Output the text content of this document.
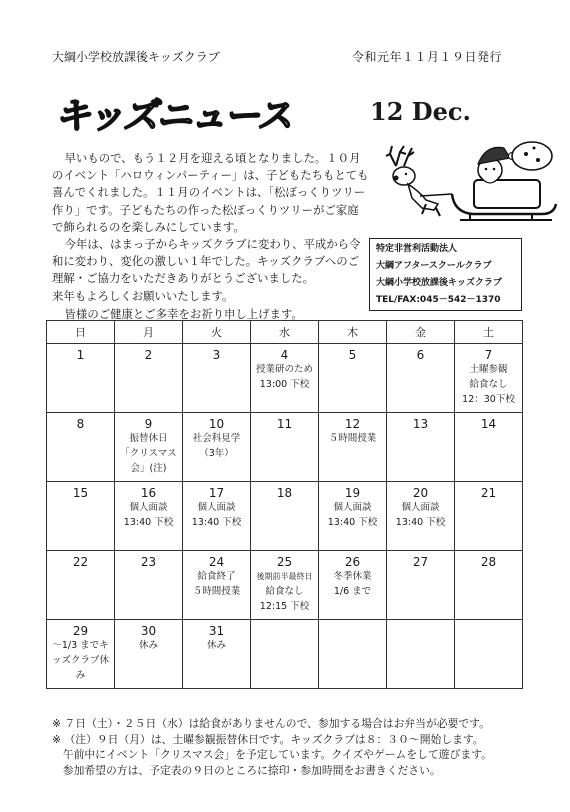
大綱小学校放課後キッズクラブ	令和元年１１月１９日発行
キッズニュース	12 Dec.

早いもので、もう１２月を迎える頃となりました。１０月のイベント「ハロウィンパーティー」は、子どもたちもとても喜んでくれました。１１月のイベントは、「松ぼっくりツリー作り」です。子どもたちの作った松ぼっくりツリーがご家庭で飾られるのを楽しみにしています。

今年は、はまっ子からキッズクラブに変わり、平成から令和に変わり、変化の激しい１年でした。キッズクラブへのご理解・ご協力をいただきありがとうございました。

来年もよろしくお願いいたします。

特定非営利活動法人
大綱アフタースクールクラブ
大綱小学校放課後キッズクラブ
TEL/FAX:045－542－1370
皆様のご健康とご多幸をお祈り申し上げます。
日	月	火	水	木	金	土

1	2	3	4
授業研のため
13:00 下校	5	6	7
土曜参観
給食なし
12：30下校

8	9
振替休日
「クリスマス
会」(注)	10
社会科見学
（3年）	11	12
５時間授業	13	14

15	16
個人面談
13:40 下校	17
個人面談
13:40 下校	18	19
個人面談
13:40 下校	20
個人面談
13:40 下校	21

22	23	24
給食終了
５時間授業	25
後期前半最終日
給食なし
12:15 下校	26
冬季休業
1/6 まで	27	28

29
～1/3 までキ
ッズクラブ休
み	30
休み	31
休み				

※ ７日（土）・２５日（水）は給食がありませんので、参加する場合はお弁当が必要です。
※ （注）９日（月）は、土曜参観振替休日です。キッズクラブは８：３０～開始します。
　午前中にイベント「クリスマス会」を予定しています。クイズやゲームをして遊びます。
　参加希望の方は、予定表の９日のところに捺印・参加時間をお書きください。
